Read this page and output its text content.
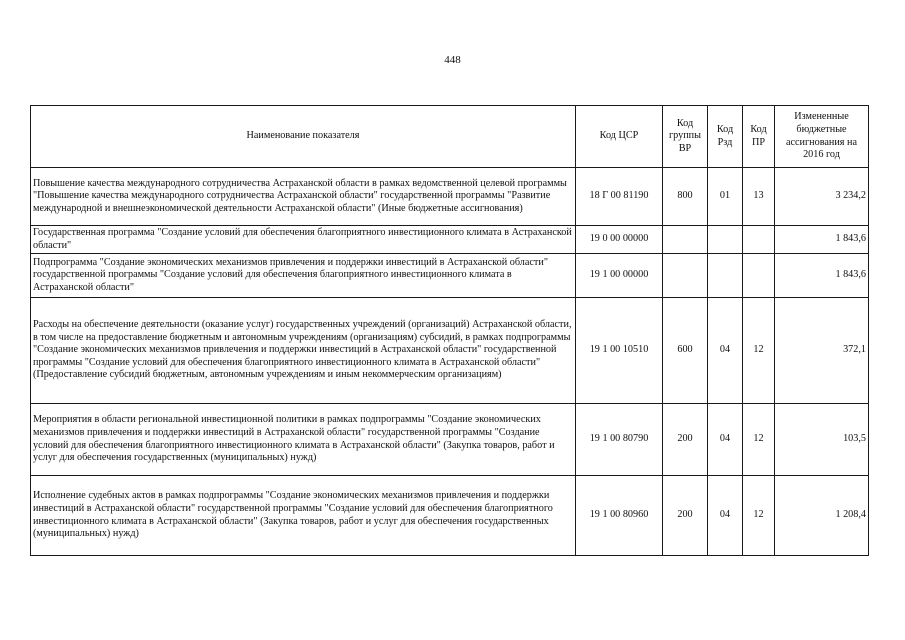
448
Наименование показателя	Код ЦСР	Код группы ВР	Код Рзд	Код ПР	Измененные бюджетные ассигнования на 2016 год
Повышение качества международного сотрудничества Астраханской области в рамках ведомственной целевой программы "Повышение качества международного сотрудничества Астраханской области" государственной программы "Развитие международной и внешнеэкономической деятельности Астраханской области" (Иные бюджетные ассигнования)	18 Г 00 81190	800	01	13	3 234,2
Государственная программа "Создание условий для обеспечения благоприятного инвестиционного климата в Астраханской области"	19 0 00 00000				1 843,6
Подпрограмма "Создание экономических механизмов привлечения и поддержки инвестиций в Астраханской области" государственной программы "Создание условий для обеспечения благоприятного инвестиционного климата в Астраханской области"	19 1 00 00000				1 843,6
Расходы на обеспечение деятельности (оказание услуг) государственных учреждений (организаций) Астраханской области, в том числе на предоставление бюджетным и автономным учреждениям (организациям) субсидий, в рамках подпрограммы "Создание экономических механизмов привлечения и поддержки инвестиций в Астраханской области" государственной программы "Создание условий для обеспечения благоприятного инвестиционного климата в Астраханской области" (Предоставление субсидий бюджетным, автономным учреждениям и иным некоммерческим организациям)	19 1 00 10510	600	04	12	372,1
Мероприятия в области региональной инвестиционной политики в рамках подпрограммы "Создание экономических механизмов привлечения и поддержки инвестиций в Астраханской области" государственной программы "Создание условий для обеспечения благоприятного инвестиционного климата в Астраханской области" (Закупка товаров, работ и услуг для обеспечения государственных (муниципальных) нужд)	19 1 00 80790	200	04	12	103,5
Исполнение судебных актов в рамках подпрограммы "Создание экономических механизмов привлечения и поддержки инвестиций в Астраханской области" государственной программы "Создание условий для обеспечения благоприятного инвестиционного климата в Астраханской области" (Закупка товаров, работ и услуг для обеспечения государственных (муниципальных) нужд)	19 1 00 80960	200	04	12	1 208,4
